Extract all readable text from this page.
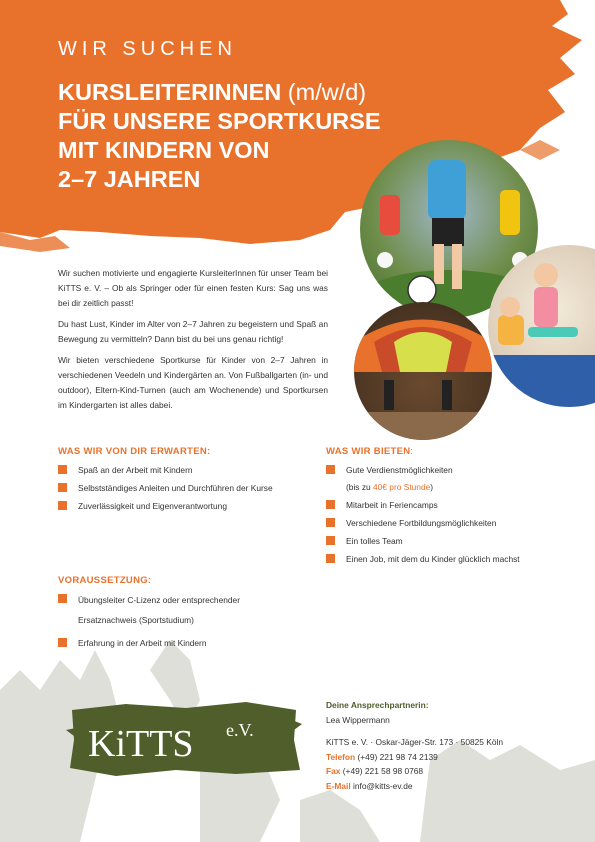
WIR SUCHEN
KURSLEITERINNEN (m/w/d)
FÜR UNSERE SPORTKURSE
MIT KINDERN VON
2–7 JAHREN

Wir suchen motivierte und engagierte KursleiterInnen für unser Team bei KiTTS e. V. – Ob als Springer oder für einen festen Kurs: Sag uns was bei dir zeitlich passt!

Du hast Lust, Kinder im Alter von 2–7 Jahren zu begeistern und Spaß an Bewegung zu vermitteln? Dann bist du bei uns genau richtig!

Wir bieten verschiedene Sportkurse für Kinder von 2–7 Jahren in verschiedenen Veedeln und Kindergärten an. Von Fußballgarten (in- und outdoor), Eltern-Kind-Turnen (auch am Wochenende) und Sportkursen im Kindergarten ist alles dabei.

WAS WIR VON DIR ERWARTEN:
Spaß an der Arbeit mit Kindern
Selbstständiges Anleiten und Durchführen der Kurse
Zuverlässigkeit und Eigenverantwortung
VORAUSSETZUNG:
Übungsleiter C-Lizenz oder entsprechender
Ersatznachweis (Sportstudium)
Erfahrung in der Arbeit mit Kindern
WAS WIR BIETEN:
Gute Verdienstmöglichkeiten
(bis zu 40€ pro Stunde)
Mitarbeit in Feriencamps
Verschiedene Fortbildungsmöglichkeiten
Ein tolles Team
Einen Job, mit dem du Kinder glücklich machst
KiTTS e.V.
Deine Ansprechpartnerin:
Lea Wippermann
KiTTS e. V. · Oskar-Jäger-Str. 173 · 50825 Köln
Telefon (+49) 221 98 74 2139
Fax (+49) 221 58 98 0768
E-Mail info@kitts-ev.de
